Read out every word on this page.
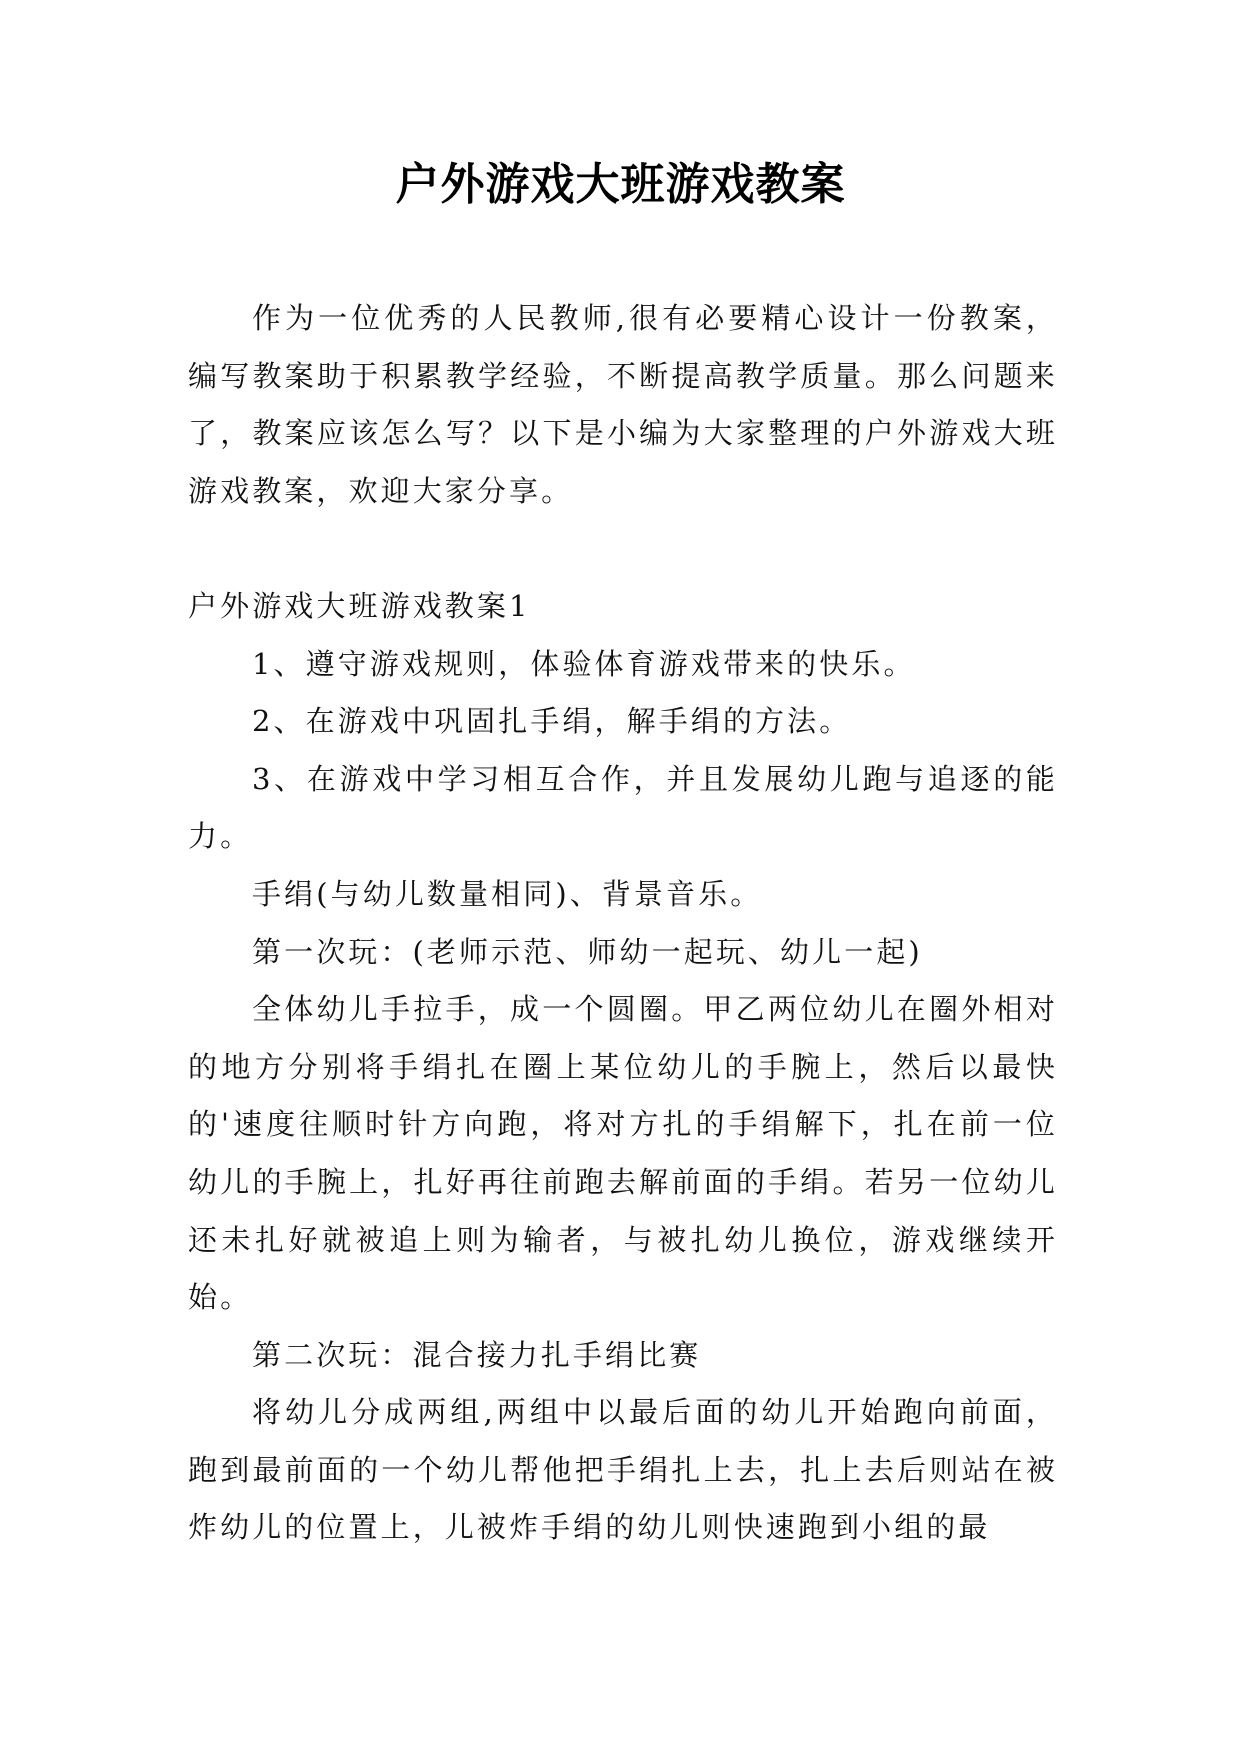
户外游戏大班游戏教案

作为一位优秀的人民教师,很有必要精心设计一份教案，编写教案助于积累教学经验，不断提高教学质量。那么问题来了，教案应该怎么写？以下是小编为大家整理的户外游戏大班游戏教案，欢迎大家分享。

户外游戏大班游戏教案1

1、遵守游戏规则，体验体育游戏带来的快乐。

2、在游戏中巩固扎手绢，解手绢的方法。

3、在游戏中学习相互合作，并且发展幼儿跑与追逐的能力。

手绢(与幼儿数量相同)、背景音乐。

第一次玩：(老师示范、师幼一起玩、幼儿一起)

全体幼儿手拉手，成一个圆圈。甲乙两位幼儿在圈外相对的地方分别将手绢扎在圈上某位幼儿的手腕上，然后以最快的'速度往顺时针方向跑，将对方扎的手绢解下，扎在前一位幼儿的手腕上，扎好再往前跑去解前面的手绢。若另一位幼儿还未扎好就被追上则为输者，与被扎幼儿换位，游戏继续开始。

第二次玩：混合接力扎手绢比赛

将幼儿分成两组,两组中以最后面的幼儿开始跑向前面，跑到最前面的一个幼儿帮他把手绢扎上去，扎上去后则站在被炸幼儿的位置上，儿被炸手绢的幼儿则快速跑到小组的最
